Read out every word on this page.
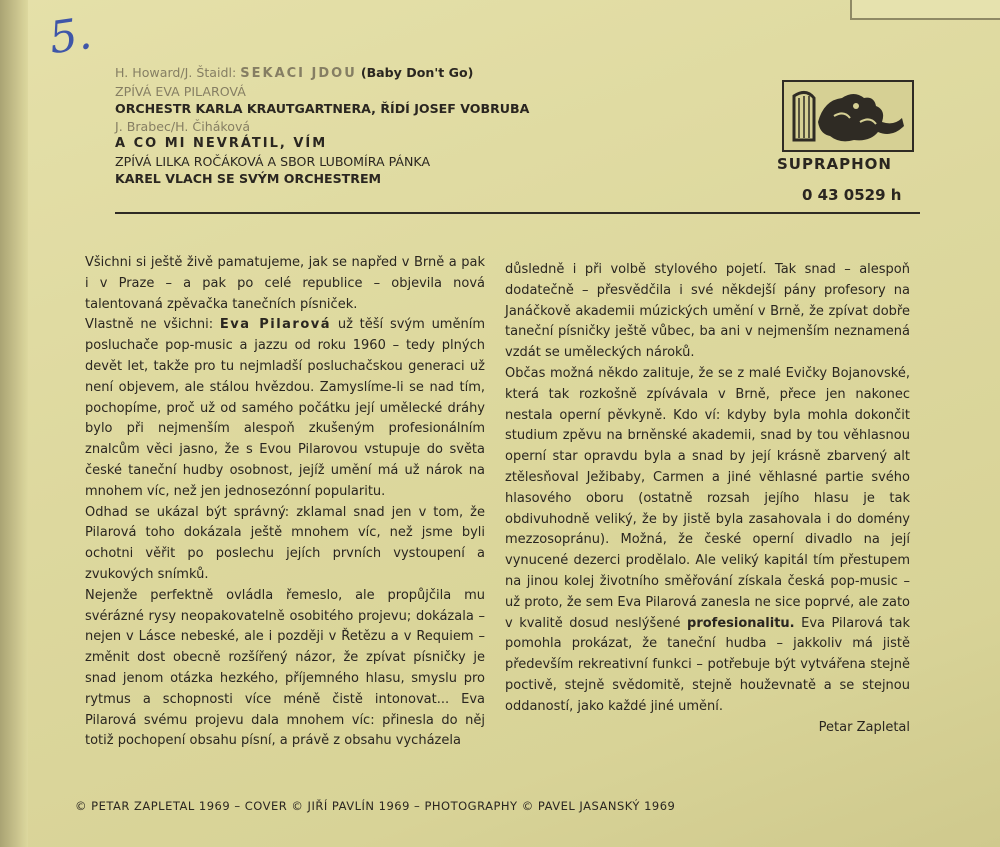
5.
H. Howard/J. Štaidl: SEKACI JDOU (Baby Don't Go)
ZPÍVÁ EVA PILAROVÁ
ORCHESTR KARLA KRAUTGARTNERA, ŘÍDÍ JOSEF VOBRUBA
J. Brabec/H. Čiháková
A CO MI NEVRÁTIL, VÍM
ZPÍVÁ LILKA ROČÁKOVÁ A SBOR LUBOMÍRA PÁNKA
KAREL VLACH SE SVÝM ORCHESTREM
SUPRAPHON
0 43 0529 h

Všichni si ještě živě pamatujeme, jak se napřed v Brně a pak i v Praze – a pak po celé republice – objevila nová talentovaná zpěvačka tanečních písniček.

Vlastně ne všichni: Eva Pilarová už těší svým uměním posluchače pop-music a jazzu od roku 1960 – tedy plných devět let, takže pro tu nejmladší posluchačskou generaci už není objevem, ale stálou hvězdou. Zamyslíme-li se nad tím, pochopíme, proč už od samého počátku její umělecké dráhy bylo při nejmenším alespoň zkušeným profesionálním znalcům věci jasno, že s Evou Pilarovou vstupuje do světa české taneční hudby osobnost, jejíž umění má už nárok na mnohem víc, než jen jednosezónní popularitu.

Odhad se ukázal být správný: zklamal snad jen v tom, že Pilarová toho dokázala ještě mnohem víc, než jsme byli ochotni věřit po poslechu jejích prvních vystoupení a zvukových snímků.

Nejenže perfektně ovládla řemeslo, ale propůjčila mu svérázné rysy neopakovatelně osobitého projevu; dokázala – nejen v Lásce nebeské, ale i později v Řetězu a v Requiem – změnit dost obecně rozšířený názor, že zpívat písničky je snad jenom otázka hezkého, příjemného hlasu, smyslu pro rytmus a schopnosti více méně čistě intonovat... Eva Pilarová svému projevu dala mnohem víc: přinesla do něj totiž pochopení obsahu písní, a právě z obsahu vycházela

důsledně i při volbě stylového pojetí. Tak snad – alespoň dodatečně – přesvědčila i své někdejší pány profesory na Janáčkově akademii múzických umění v Brně, že zpívat dobře taneční písničky ještě vůbec, ba ani v nejmenším neznamená vzdát se uměleckých nároků.

Občas možná někdo zalituje, že se z malé Evičky Bojanovské, která tak rozkošně zpívávala v Brně, přece jen nakonec nestala operní pěvkyně. Kdo ví: kdyby byla mohla dokončit studium zpěvu na brněnské akademii, snad by tou věhlasnou operní star opravdu byla a snad by její krásně zbarvený alt ztělesňoval Ježibaby, Carmen a jiné věhlasné partie svého hlasového oboru (ostatně rozsah jejího hlasu je tak obdivuhodně veliký, že by jistě byla zasahovala i do domény mezzosopránu). Možná, že české operní divadlo na její vynucené dezerci prodělalo. Ale veliký kapitál tím přestupem na jinou kolej životního směřování získala česká pop-music – už proto, že sem Eva Pilarová zanesla ne sice poprvé, ale zato v kvalitě dosud neslýšené profesionalitu. Eva Pilarová tak pomohla prokázat, že taneční hudba – jakkoliv má jistě především rekreativní funkci – potřebuje být vytvářena stejně poctivě, stejně svědomitě, stejně houževnatě a se stejnou oddaností, jako každé jiné umění.

Petar Zapletal

© PETAR ZAPLETAL 1969 – COVER © JIŘÍ PAVLÍN 1969 – PHOTOGRAPHY © PAVEL JASANSKÝ 1969
